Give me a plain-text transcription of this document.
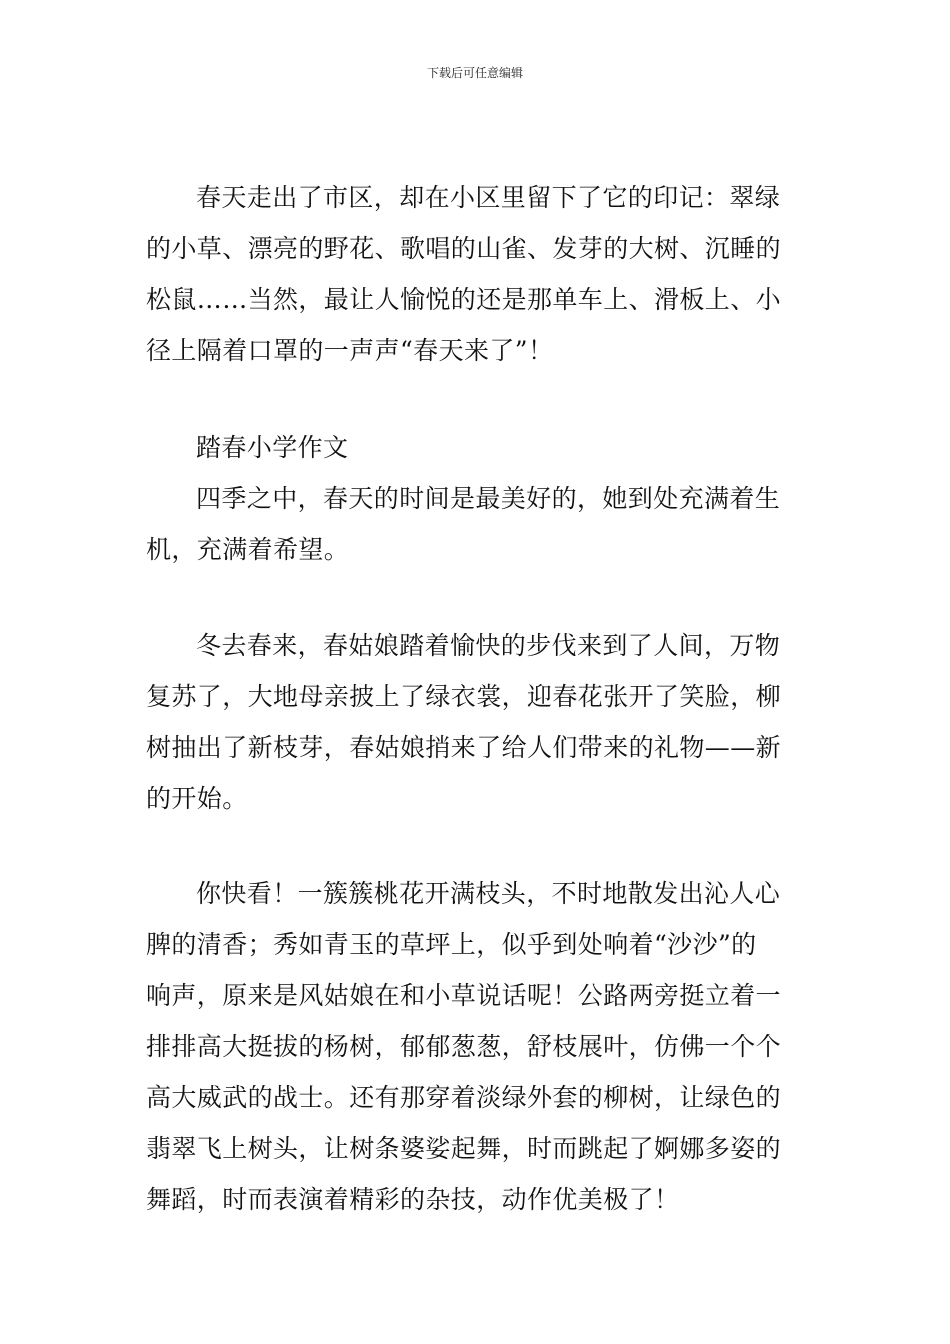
下载后可任意编辑
春天走出了市区，却在小区里留下了它的印记：翠绿
的小草、漂亮的野花、歌唱的山雀、发芽的大树、沉睡的
松鼠……当然，最让人愉悦的还是那单车上、滑板上、小
径上隔着口罩的一声声“春天来了”！
踏春小学作文
四季之中，春天的时间是最美好的，她到处充满着生
机，充满着希望。
冬去春来，春姑娘踏着愉快的步伐来到了人间，万物
复苏了，大地母亲披上了绿衣裳，迎春花张开了笑脸，柳
树抽出了新枝芽，春姑娘捎来了给人们带来的礼物——新
的开始。
你快看！一簇簇桃花开满枝头，不时地散发出沁人心
脾的清香；秀如青玉的草坪上，似乎到处响着“沙沙”的
响声，原来是风姑娘在和小草说话呢！公路两旁挺立着一
排排高大挺拔的杨树，郁郁葱葱，舒枝展叶，仿佛一个个
高大威武的战士。还有那穿着淡绿外套的柳树，让绿色的
翡翠飞上树头，让树条婆娑起舞，时而跳起了婀娜多姿的
舞蹈，时而表演着精彩的杂技，动作优美极了！
